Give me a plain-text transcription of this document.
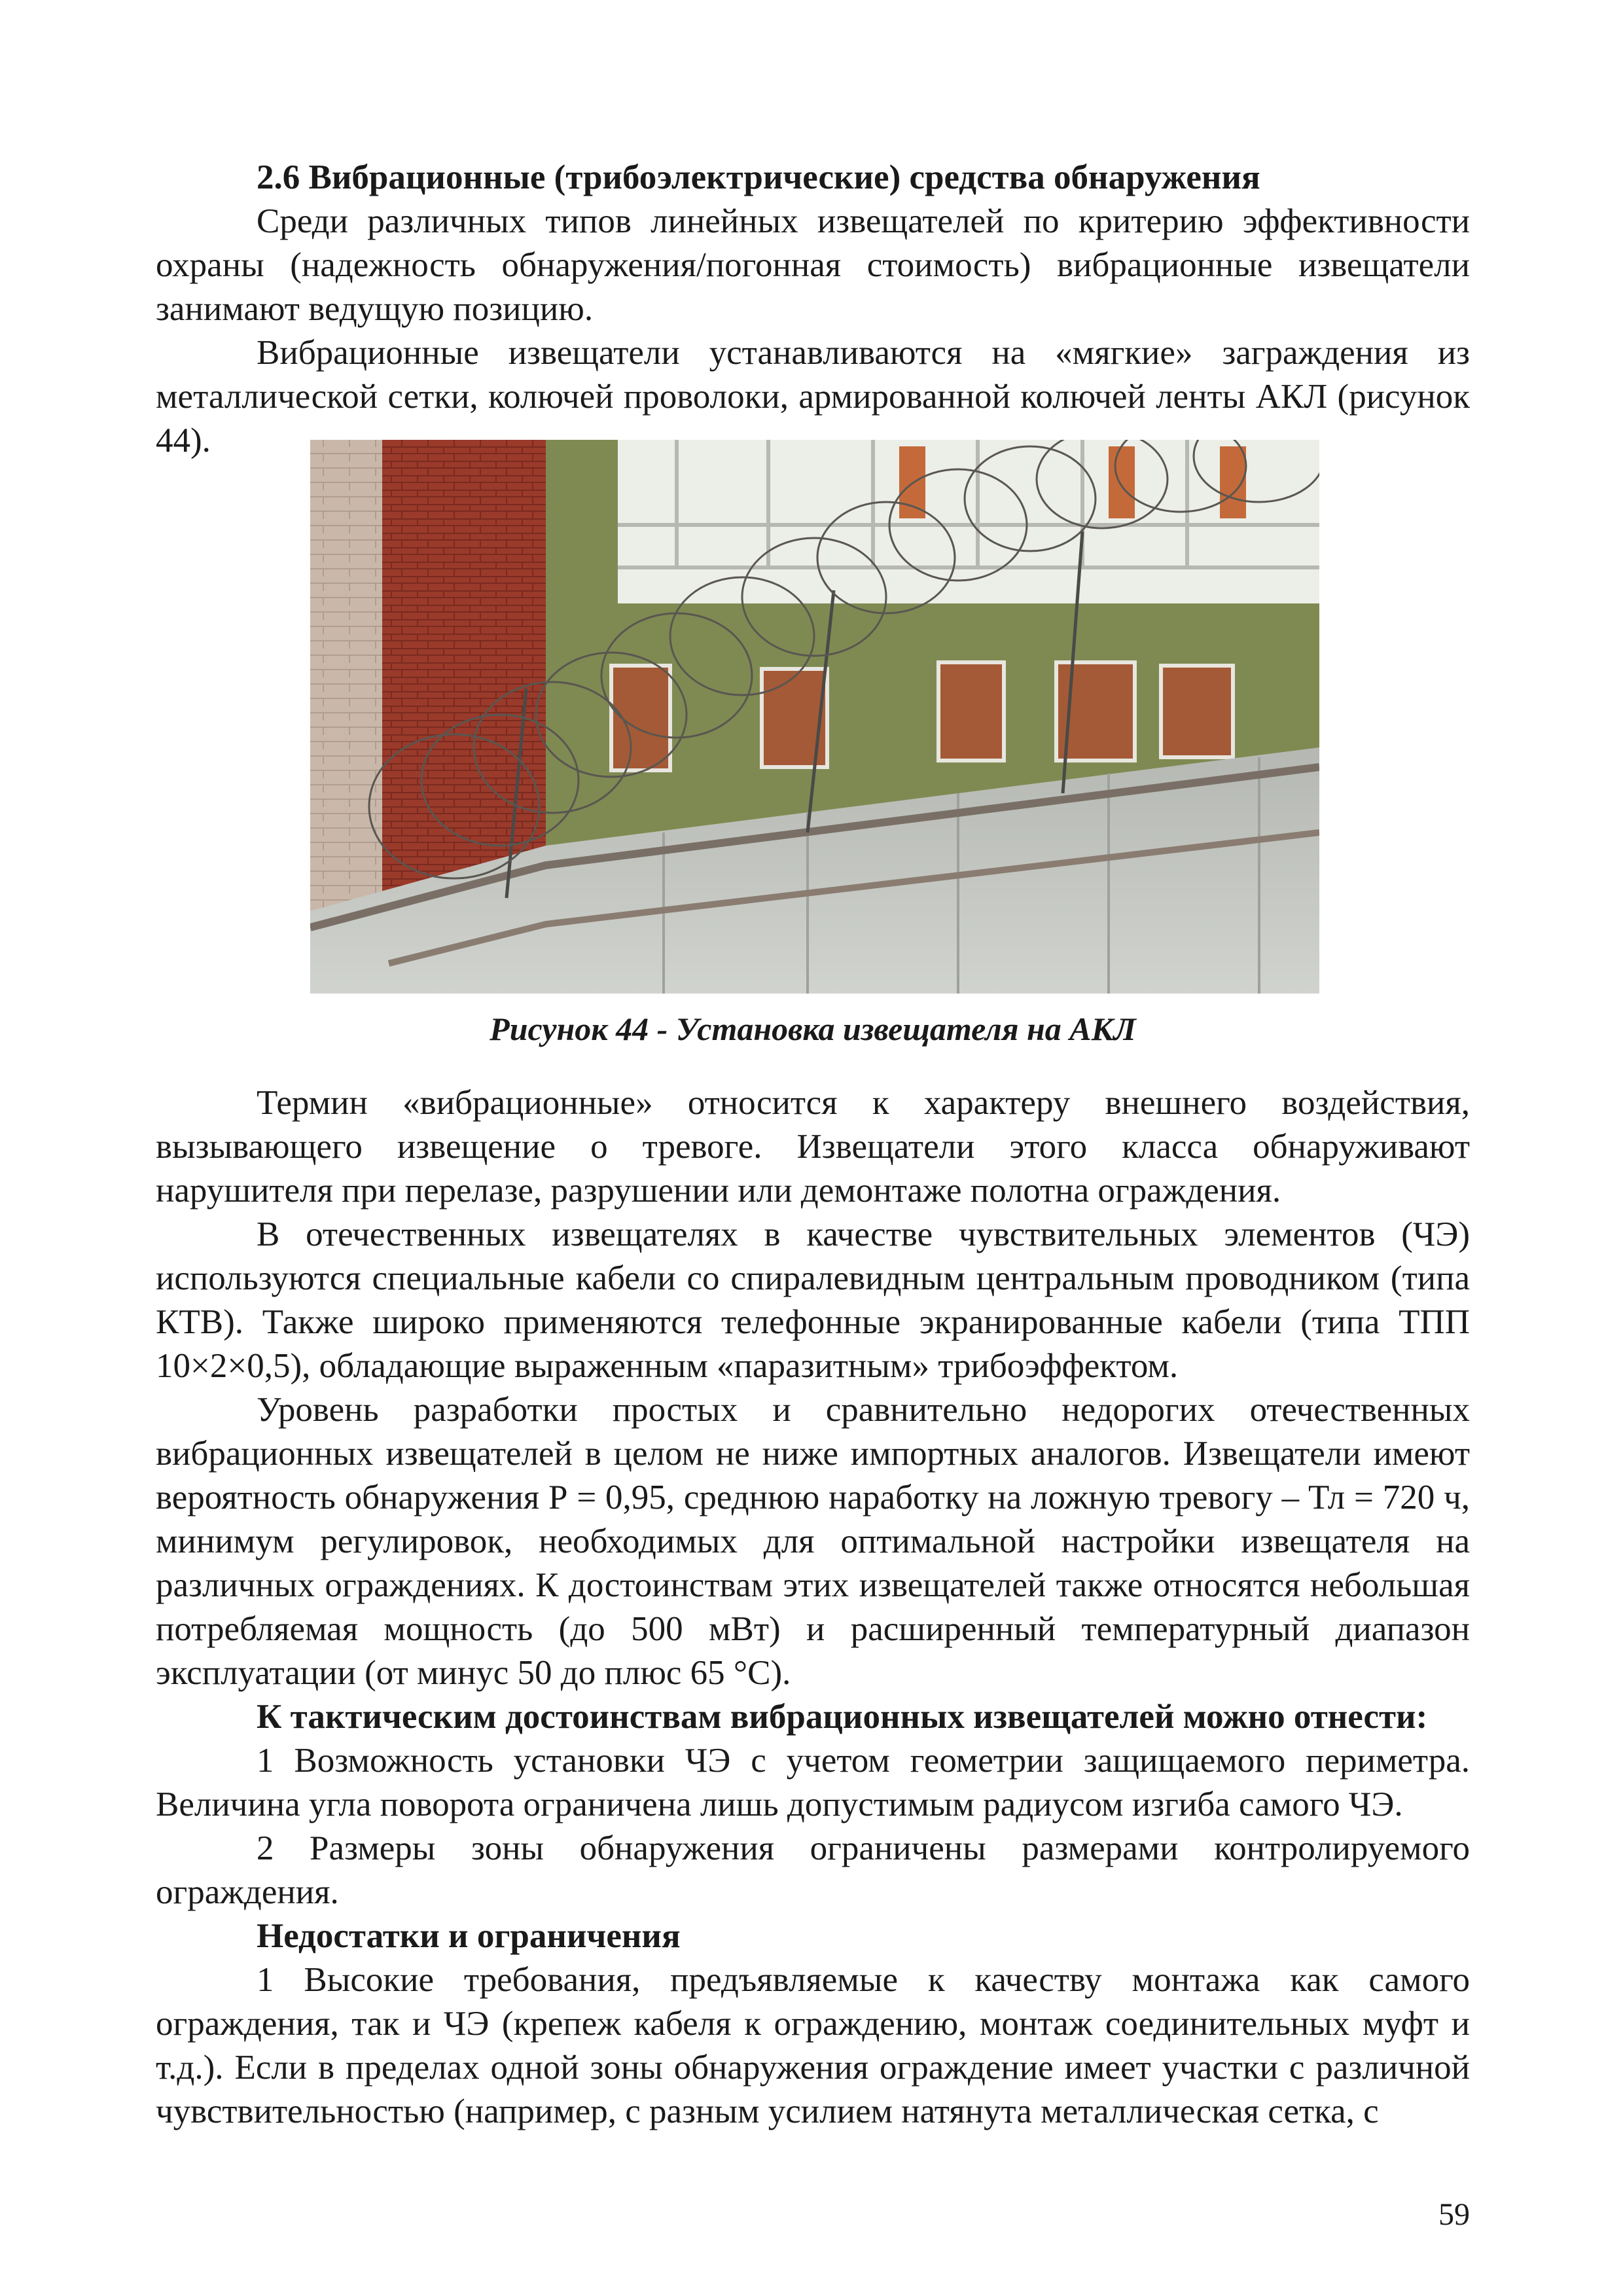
2.6 Вибрационные (трибоэлектрические) средства обнаружения

Среди различных типов линейных извещателей по критерию эффективности охраны (надежность обнаружения/погонная стоимость) вибрационные извещатели занимают ведущую позицию.

Вибрационные извещатели устанавливаются на «мягкие» заграждения из металлической сетки, колючей проволоки, армированной колючей ленты АКЛ (рисунок 44).

Рисунок 44 - Установка извещателя на АКЛ

Термин «вибрационные» относится к характеру внешнего воздействия, вызывающего извещение о тревоге. Извещатели этого класса обнаруживают нарушителя при перелазе, разрушении или демонтаже полотна ограждения.

В отечественных извещателях в качестве чувствительных элементов (ЧЭ) используются специальные кабели со спиралевидным центральным проводником (типа КТВ). Также широко применяются телефонные экранированные кабели (типа ТПП 10×2×0,5), обладающие выраженным «паразитным» трибоэффектом.

Уровень разработки простых и сравнительно недорогих отечественных вибрационных извещателей в целом не ниже импортных аналогов. Извещатели имеют вероятность обнаружения Р = 0,95, среднюю наработку на ложную тревогу – Тл = 720 ч, минимум регулировок, необходимых для оптимальной настройки извещателя на различных ограждениях. К достоинствам этих извещателей также относятся небольшая потребляемая мощность (до 500 мВт) и расширенный температурный диапазон эксплуатации (от минус 50 до плюс 65 °С).

К тактическим достоинствам вибрационных извещателей можно отнести:

1 Возможность установки ЧЭ с учетом геометрии защищаемого периметра. Величина угла поворота ограничена лишь допустимым радиусом изгиба самого ЧЭ.

2 Размеры зоны обнаружения ограничены размерами контролируемого ограждения.

Недостатки и ограничения

1 Высокие требования, предъявляемые к качеству монтажа как самого ограждения, так и ЧЭ (крепеж кабеля к ограждению, монтаж соединительных муфт и т.д.). Если в пределах одной зоны обнаружения ограждение имеет участки с различной чувствительностью (например, с разным усилием натянута металлическая сетка, с

59
